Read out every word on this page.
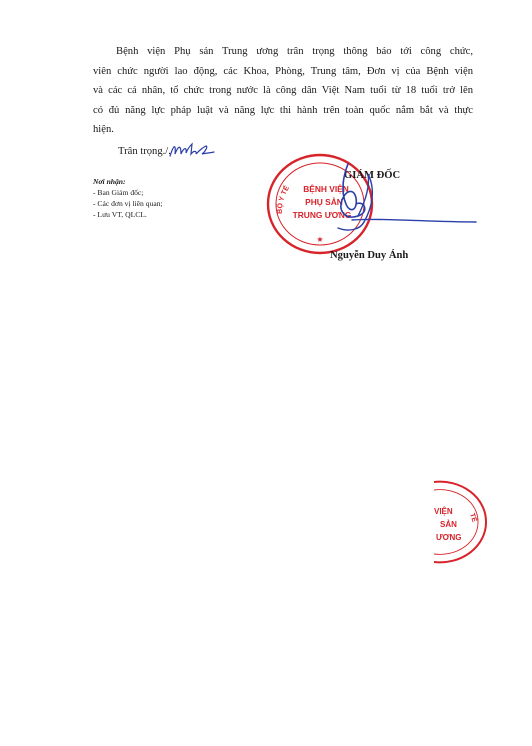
Bệnh viện Phụ sản Trung ương trân trọng thông báo tới công chức,
viên chức người lao động, các Khoa, Phòng, Trung tâm, Đơn vị của Bệnh viện
và các cá nhân, tổ chức trong nước là công dân Việt Nam tuổi từ 18 tuổi trở lên
có đủ năng lực pháp luật và năng lực thi hành trên toàn quốc nắm bắt và thực
hiện.
Trân trọng./.
Nơi nhận:
- Ban Giám đốc;
- Các đơn vị liên quan;
- Lưu VT, QLCL.	BỘ Y TẾ BỆNH VIỆN
PHỤ SẢN
TRUNG ƯƠNG
★
GIÁM ĐỐC
Nguyễn Duy Ánh
TẾ
VIỆN
SẢN
ƯƠNG
